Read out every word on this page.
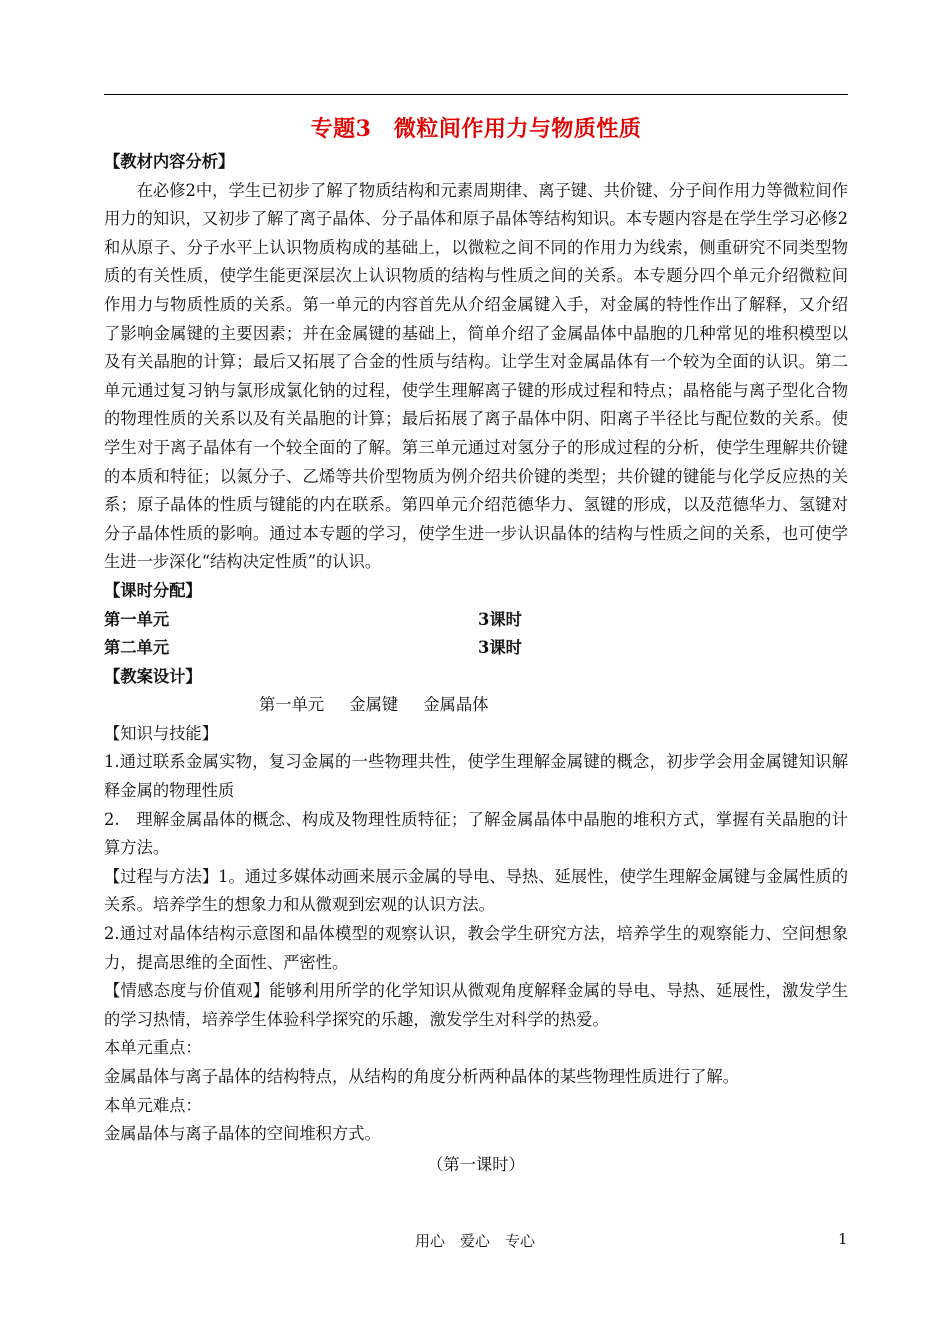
专题3　微粒间作用力与物质性质

【教材内容分析】

在必修2中，学生已初步了解了物质结构和元素周期律、离子键、共价键、分子间作用力等微粒间作用力的知识，又初步了解了离子晶体、分子晶体和原子晶体等结构知识。本专题内容是在学生学习必修2和从原子、分子水平上认识物质构成的基础上，以微粒之间不同的作用力为线索，侧重研究不同类型物质的有关性质，使学生能更深层次上认识物质的结构与性质之间的关系。本专题分四个单元介绍微粒间作用力与物质性质的关系。第一单元的内容首先从介绍金属键入手，对金属的特性作出了解释，又介绍了影响金属键的主要因素；并在金属键的基础上，简单介绍了金属晶体中晶胞的几种常见的堆积模型以及有关晶胞的计算；最后又拓展了合金的性质与结构。让学生对金属晶体有一个较为全面的认识。第二单元通过复习钠与氯形成氯化钠的过程，使学生理解离子键的形成过程和特点；晶格能与离子型化合物的物理性质的关系以及有关晶胞的计算；最后拓展了离子晶体中阴、阳离子半径比与配位数的关系。使学生对于离子晶体有一个较全面的了解。第三单元通过对氢分子的形成过程的分析，使学生理解共价键的本质和特征；以氮分子、乙烯等共价型物质为例介绍共价键的类型；共价键的键能与化学反应热的关系；原子晶体的性质与键能的内在联系。第四单元介绍范德华力、氢键的形成，以及范德华力、氢键对分子晶体性质的影响。通过本专题的学习，使学生进一步认识晶体的结构与性质之间的关系，也可使学生进一步深化“结构决定性质”的认识。

【课时分配】

第一单元	3课时
第二单元	3课时

【教案设计】

第一单元 金属键 金属晶体

【知识与技能】

1.通过联系金属实物，复习金属的一些物理共性，使学生理解金属键的概念，初步学会用金属键知识解释金属的物理性质

2.　理解金属晶体的概念、构成及物理性质特征；了解金属晶体中晶胞的堆积方式，掌握有关晶胞的计算方法。

【过程与方法】1。通过多媒体动画来展示金属的导电、导热、延展性，使学生理解金属键与金属性质的关系。培养学生的想象力和从微观到宏观的认识方法。

2.通过对晶体结构示意图和晶体模型的观察认识，教会学生研究方法，培养学生的观察能力、空间想象力，提高思维的全面性、严密性。

【情感态度与价值观】能够利用所学的化学知识从微观角度解释金属的导电、导热、延展性，激发学生的学习热情，培养学生体验科学探究的乐趣，激发学生对科学的热爱。

本单元重点：

金属晶体与离子晶体的结构特点，从结构的角度分析两种晶体的某些物理性质进行了解。

本单元难点：

金属晶体与离子晶体的空间堆积方式。

（第一课时）

用心　爱心　专心	1
